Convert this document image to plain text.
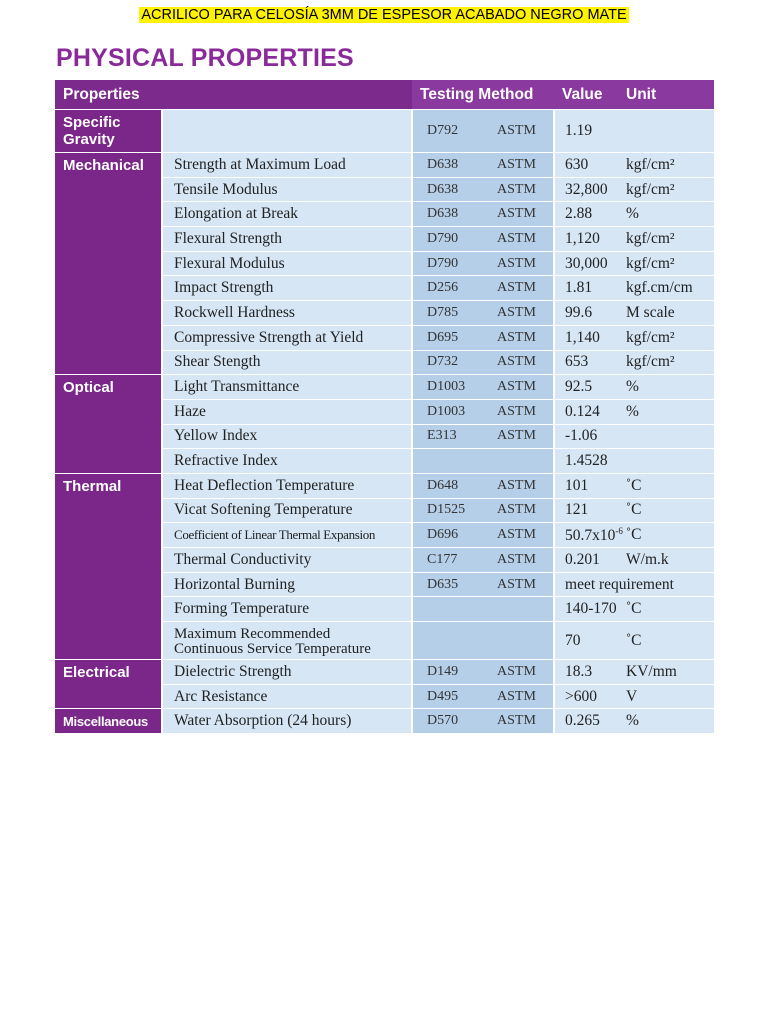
ACRILICO PARA CELOSÍA 3MM DE ESPESOR ACABADO NEGRO MATE
PHYSICAL PROPERTIES
Properties		Testing Method	Value	Unit
Specific Gravity		D792 ASTM	1.19	
Mechanical	Strength at Maximum Load	D638 ASTM	630	kgf/cm²
	Tensile Modulus	D638 ASTM	32,800	kgf/cm²
	Elongation at Break	D638 ASTM	2.88	%
	Flexural Strength	D790 ASTM	1,120	kgf/cm²
	Flexural Modulus	D790 ASTM	30,000	kgf/cm²
	Impact Strength	D256 ASTM	1.81	kgf.cm/cm
	Rockwell Hardness	D785 ASTM	99.6	M scale
	Compressive Strength at Yield	D695 ASTM	1,140	kgf/cm²
	Shear Stength	D732 ASTM	653	kgf/cm²
Optical	Light Transmittance	D1003 ASTM	92.5	%
	Haze	D1003 ASTM	0.124	%
	Yellow Index	E313 ASTM	-1.06	
	Refractive Index		1.4528	
Thermal	Heat Deflection Temperature	D648 ASTM	101	˚C
	Vicat Softening Temperature	D1525 ASTM	121	˚C
	Coefficient of Linear Thermal Expansion	D696 ASTM	$50.7x10^{-6}$	˚C
	Thermal Conductivity	C177 ASTM	0.201	W/m.k
	Horizontal Burning	D635 ASTM	meet requirement	
	Forming Temperature		140-170	˚C

	Maximum Recommended
Continuous Service Temperature		70	˚C
Electrical	Dielectric Strength	D149 ASTM	18.3	KV/mm
	Arc Resistance	D495 ASTM	>600	V
Miscellaneous	Water Absorption (24 hours)	D570 ASTM	0.265	%
